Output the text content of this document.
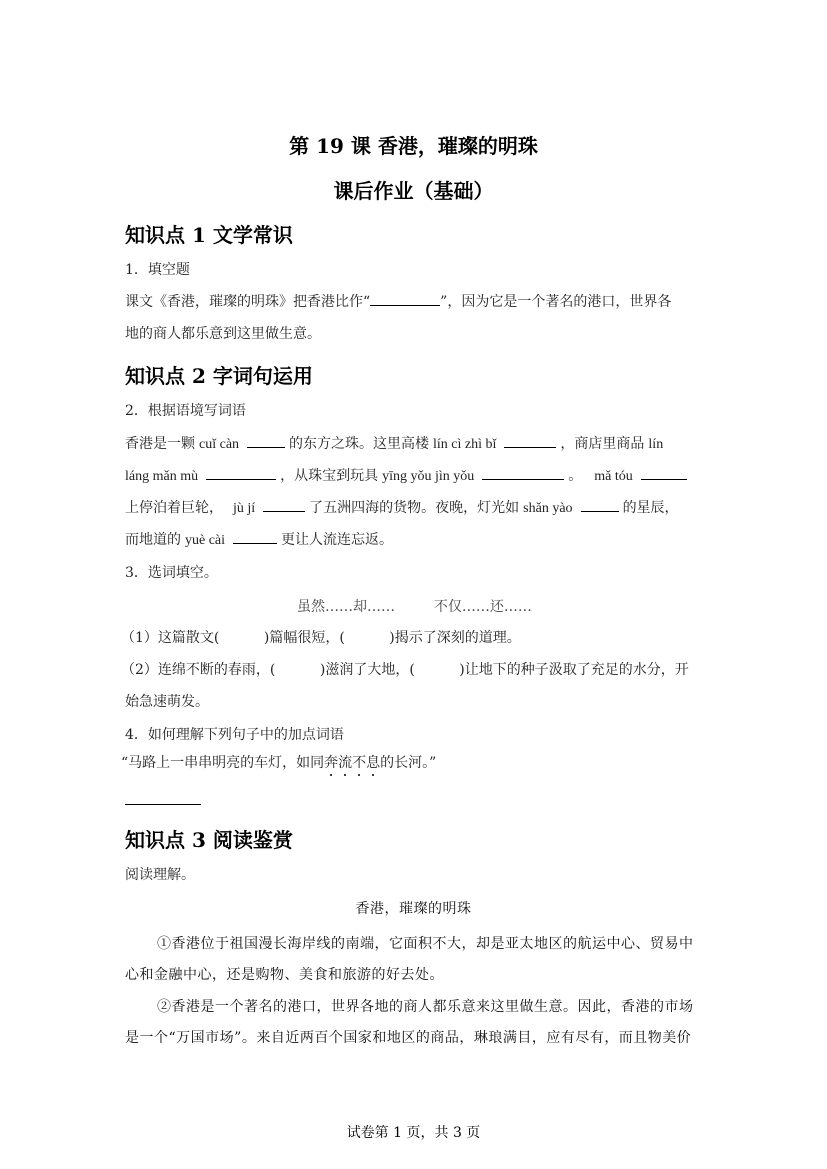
第 19 课 香港，璀璨的明珠
课后作业（基础）
知识点 1 文学常识
1．填空题
课文《香港，璀璨的明珠》把香港比作“	”，因为它是一个著名的港口，世界各
地的商人都乐意到这里做生意。
知识点 2 字词句运用
2．根据语境写词语
香港是一颗 cuǐ càn	的东方之珠。这里高楼 lín cì zhì bǐ	，商店里商品 lín
láng mǎn mù	，从珠宝到玩具 yīng yǒu jìn yǒu	。 mǎ tóu
上停泊着巨轮， jù jí	了五洲四海的货物。夜晚，灯光如 shǎn yào	的星辰，
而地道的 yuè cài	更让人流连忘返。
3．选词填空。
虽然……却……	不仅……还……
（1）这篇散文(          )篇幅很短，(          )揭示了深刻的道理。
（2）连绵不断的春雨，(          )滋润了大地，(          )让地下的种子汲取了充足的水分，开
始急速萌发。
4．如何理解下列句子中的加点词语
“马路上一串串明亮的车灯，如同奔流不息的长河。”
知识点 3 阅读鉴赏
阅读理解。
香港，璀璨的明珠
①香港位于祖国漫长海岸线的南端，它面积不大，却是亚太地区的航运中心、贸易中
心和金融中心，还是购物、美食和旅游的好去处。
②香港是一个著名的港口，世界各地的商人都乐意来这里做生意。因此，香港的市场
是一个“万国市场”。来自近两百个国家和地区的商品，琳琅满目，应有尽有，而且物美价
试卷第 1 页，共 3 页
